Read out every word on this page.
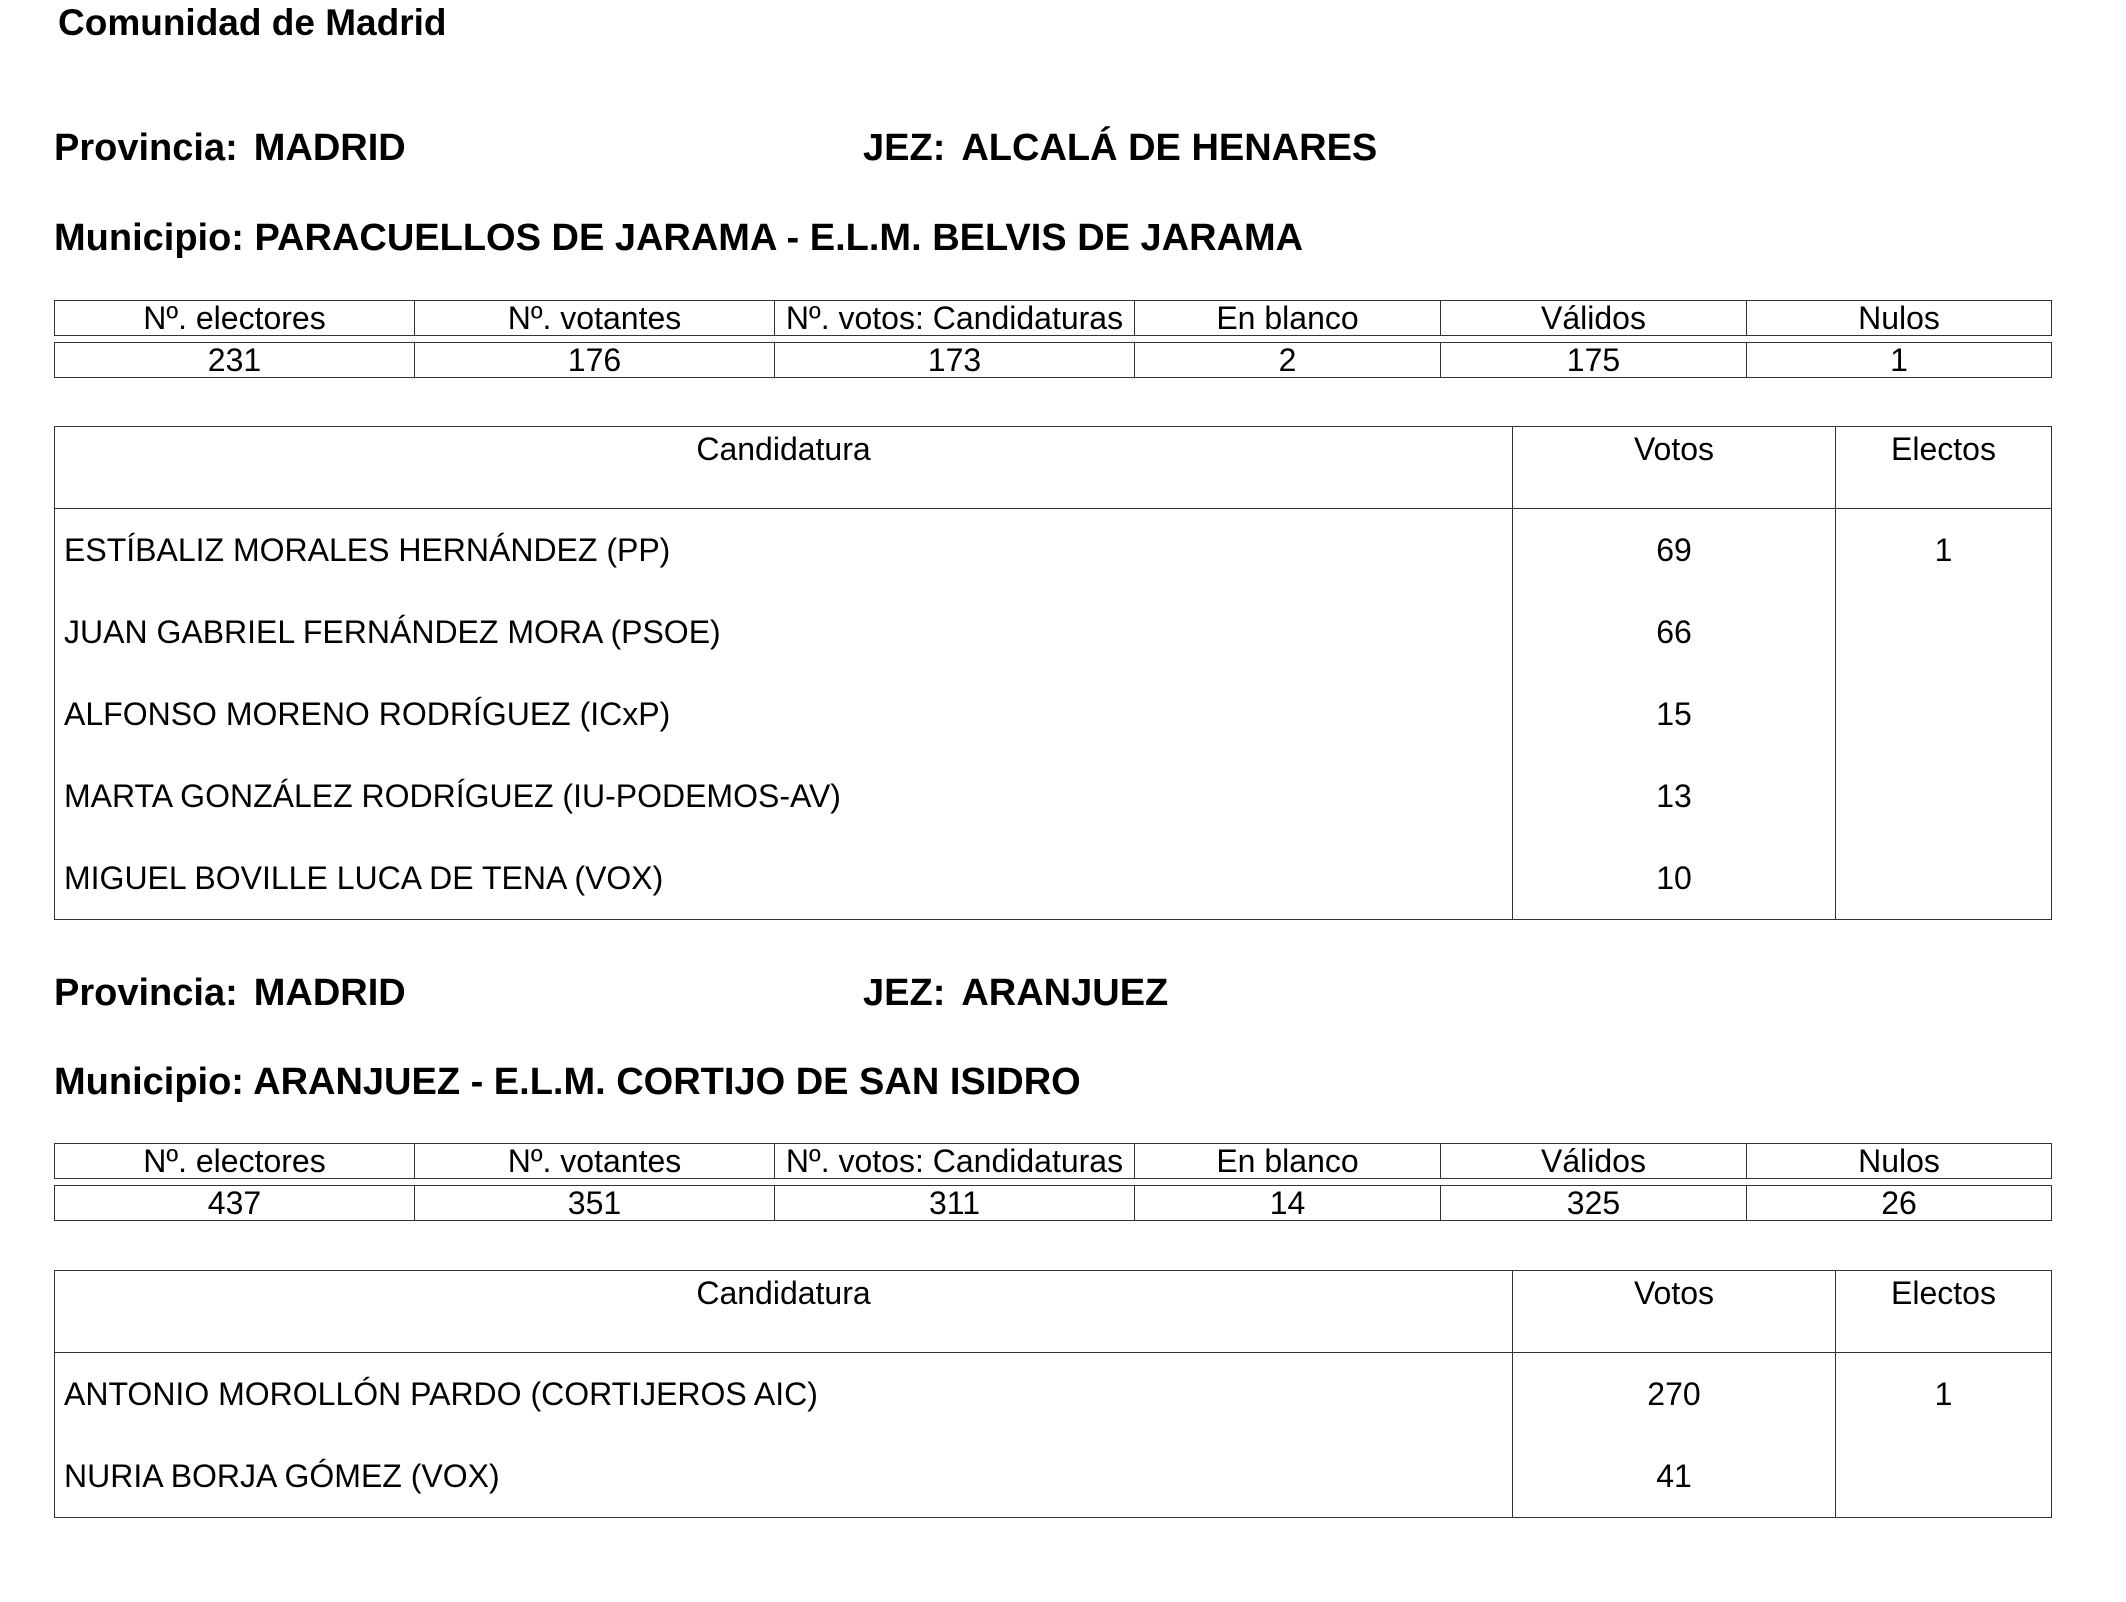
Comunidad de Madrid
Provincia: MADRID	JEZ: ALCALÁ DE HENARES
Municipio: PARACUELLOS DE JARAMA - E.L.M. BELVIS DE JARAMA
Nº. electores	Nº. votantes	Nº. votos: Candidaturas	En blanco	Válidos	Nulos
231	176	173	2	175	1
Candidatura	Votos	Electos
ESTÍBALIZ MORALES HERNÁNDEZ (PP)	69	1
JUAN GABRIEL FERNÁNDEZ MORA (PSOE)	66	
ALFONSO MORENO RODRÍGUEZ (ICxP)	15	
MARTA GONZÁLEZ RODRÍGUEZ (IU-PODEMOS-AV)	13	
MIGUEL BOVILLE LUCA DE TENA (VOX)	10	
Provincia: MADRID	JEZ: ARANJUEZ
Municipio: ARANJUEZ - E.L.M. CORTIJO DE SAN ISIDRO
Nº. electores	Nº. votantes	Nº. votos: Candidaturas	En blanco	Válidos	Nulos
437	351	311	14	325	26
Candidatura	Votos	Electos
ANTONIO MOROLLÓN PARDO (CORTIJEROS AIC)	270	1
NURIA BORJA GÓMEZ (VOX)	41	
